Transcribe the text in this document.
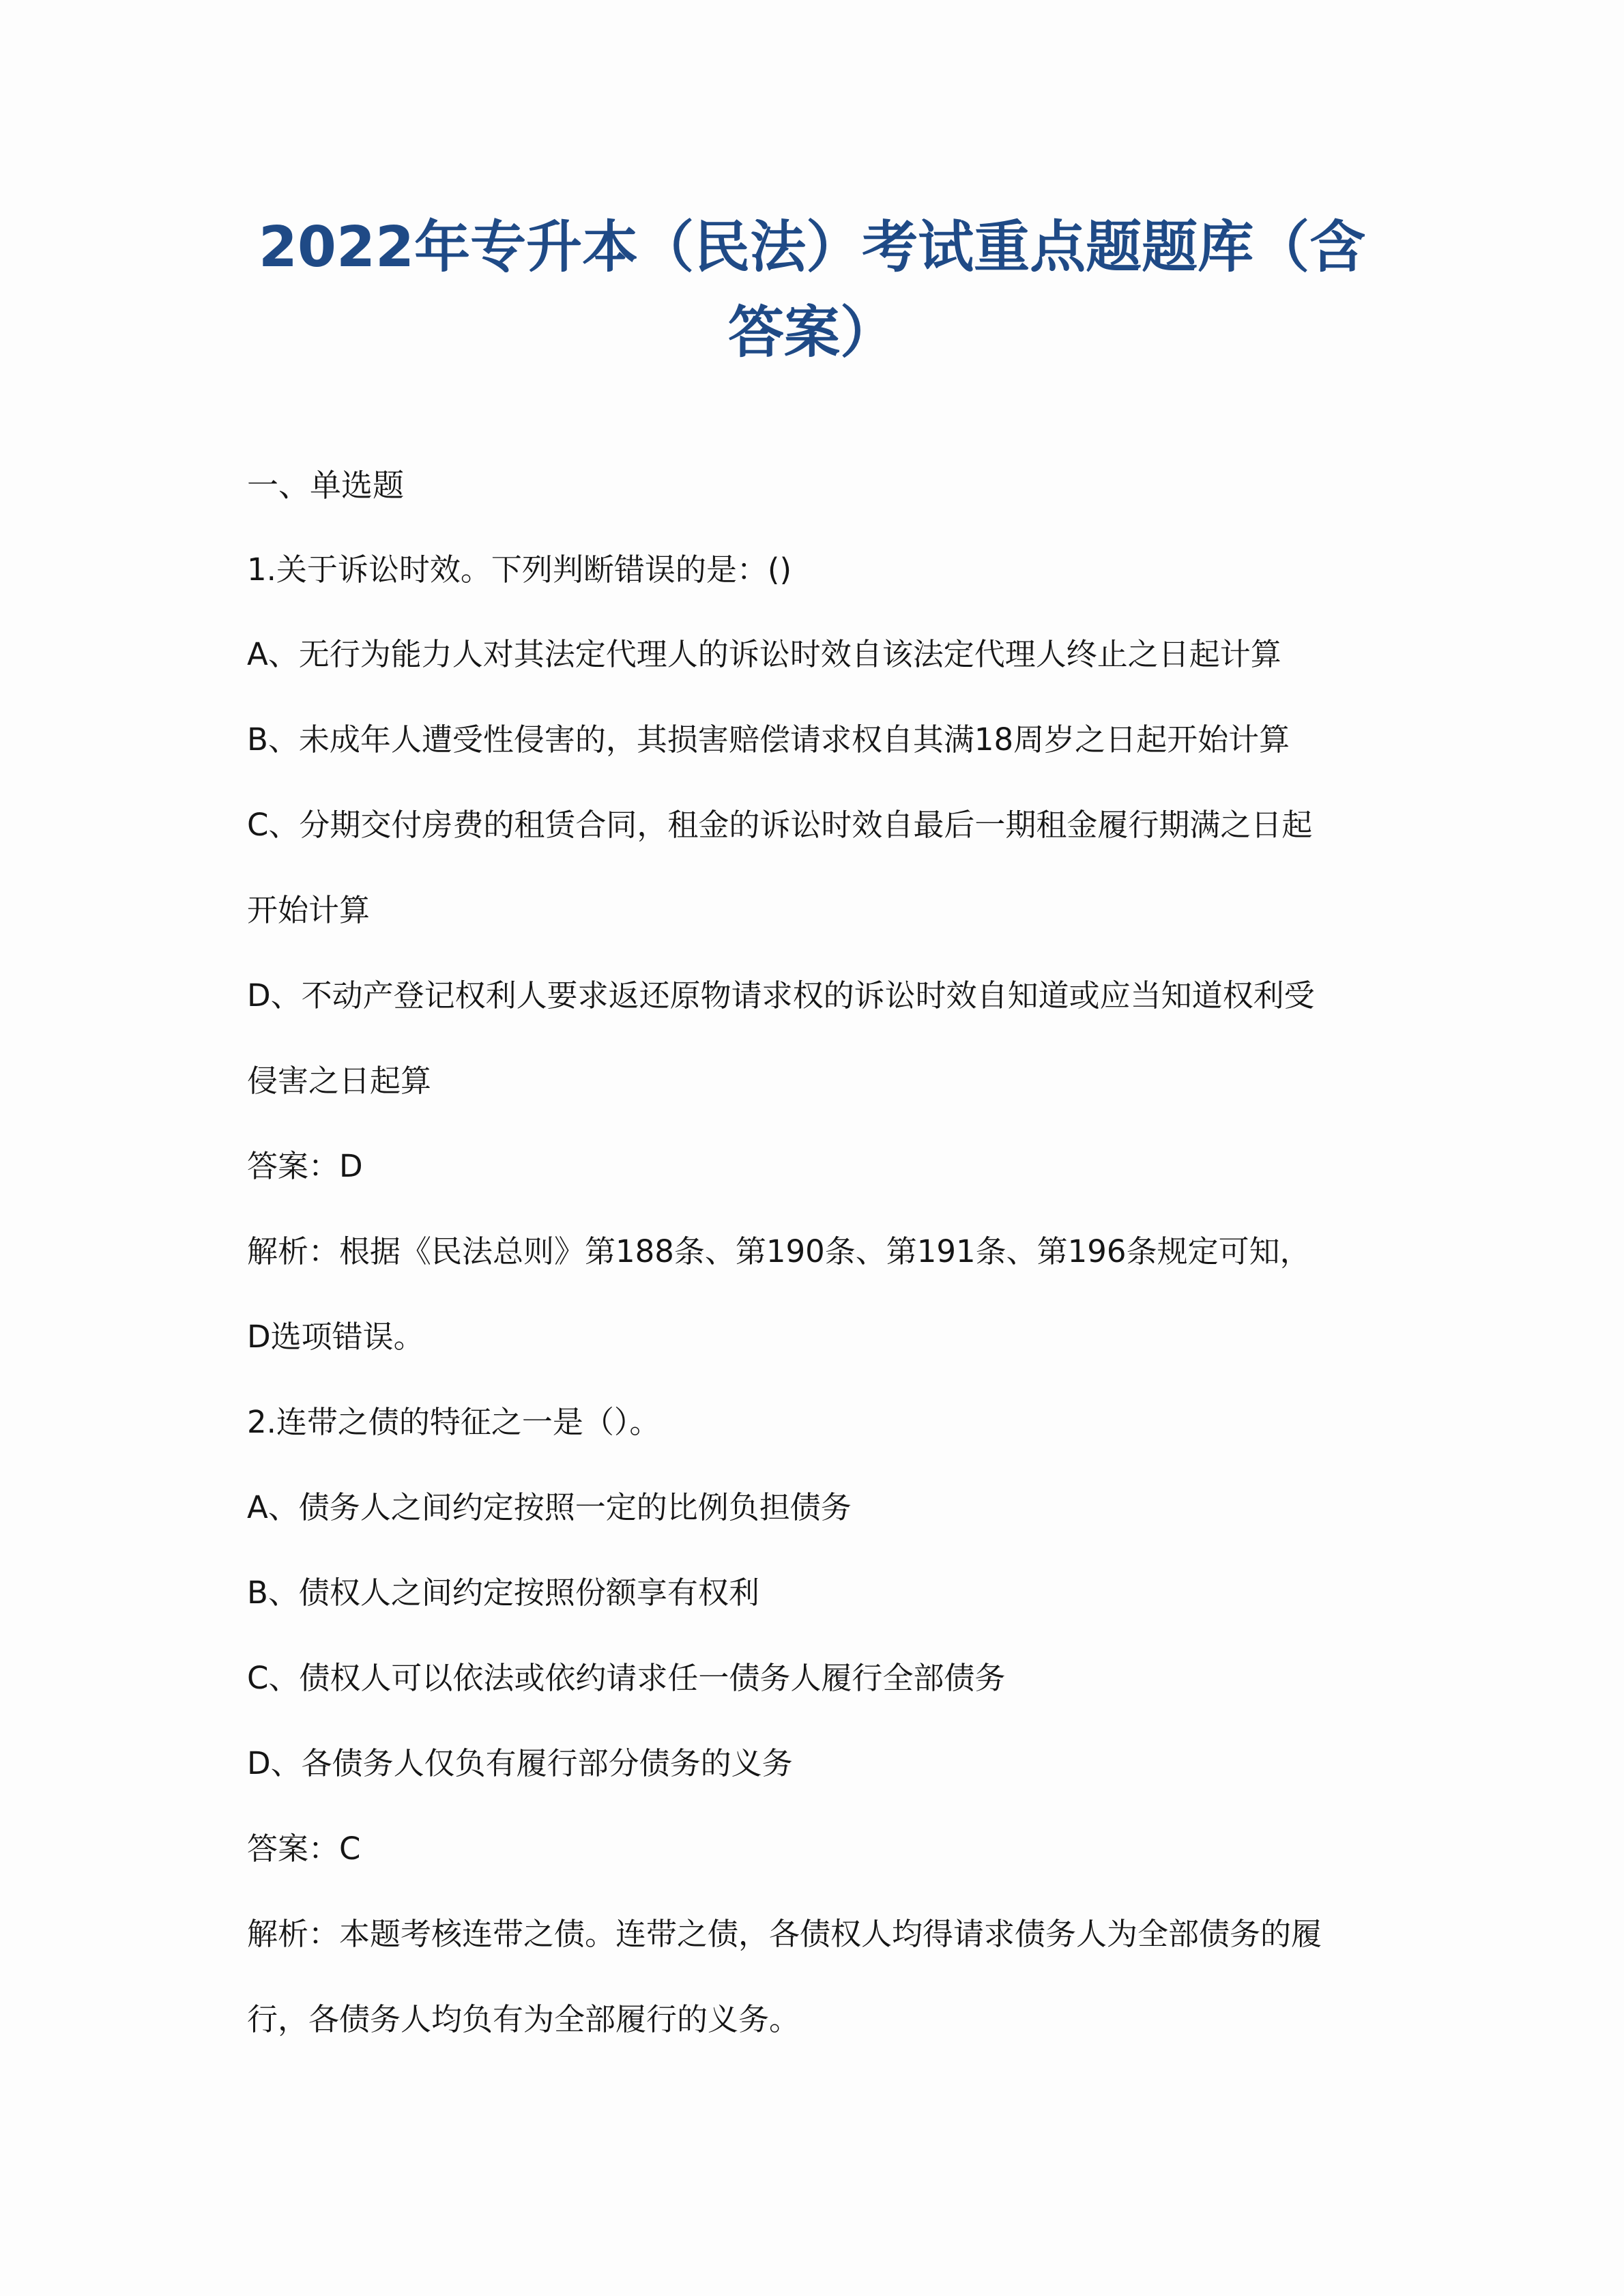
2022年专升本（民法）考试重点题题库（含
答案）

一、单选题

1.关于诉讼时效。下列判断错误的是：()

A、无行为能力人对其法定代理人的诉讼时效自该法定代理人终止之日起计算

B、未成年人遭受性侵害的，其损害赔偿请求权自其满18周岁之日起开始计算

C、分期交付房费的租赁合同，租金的诉讼时效自最后一期租金履行期满之日起

开始计算

D、不动产登记权利人要求返还原物请求权的诉讼时效自知道或应当知道权利受

侵害之日起算

答案：D

解析：根据《民法总则》第188条、第190条、第191条、第196条规定可知，

D选项错误。

2.连带之债的特征之一是（）。

A、债务人之间约定按照一定的比例负担债务

B、债权人之间约定按照份额享有权利

C、债权人可以依法或依约请求任一债务人履行全部债务

D、各债务人仅负有履行部分债务的义务

答案：C

解析：本题考核连带之债。连带之债，各债权人均得请求债务人为全部债务的履

行，各债务人均负有为全部履行的义务。
